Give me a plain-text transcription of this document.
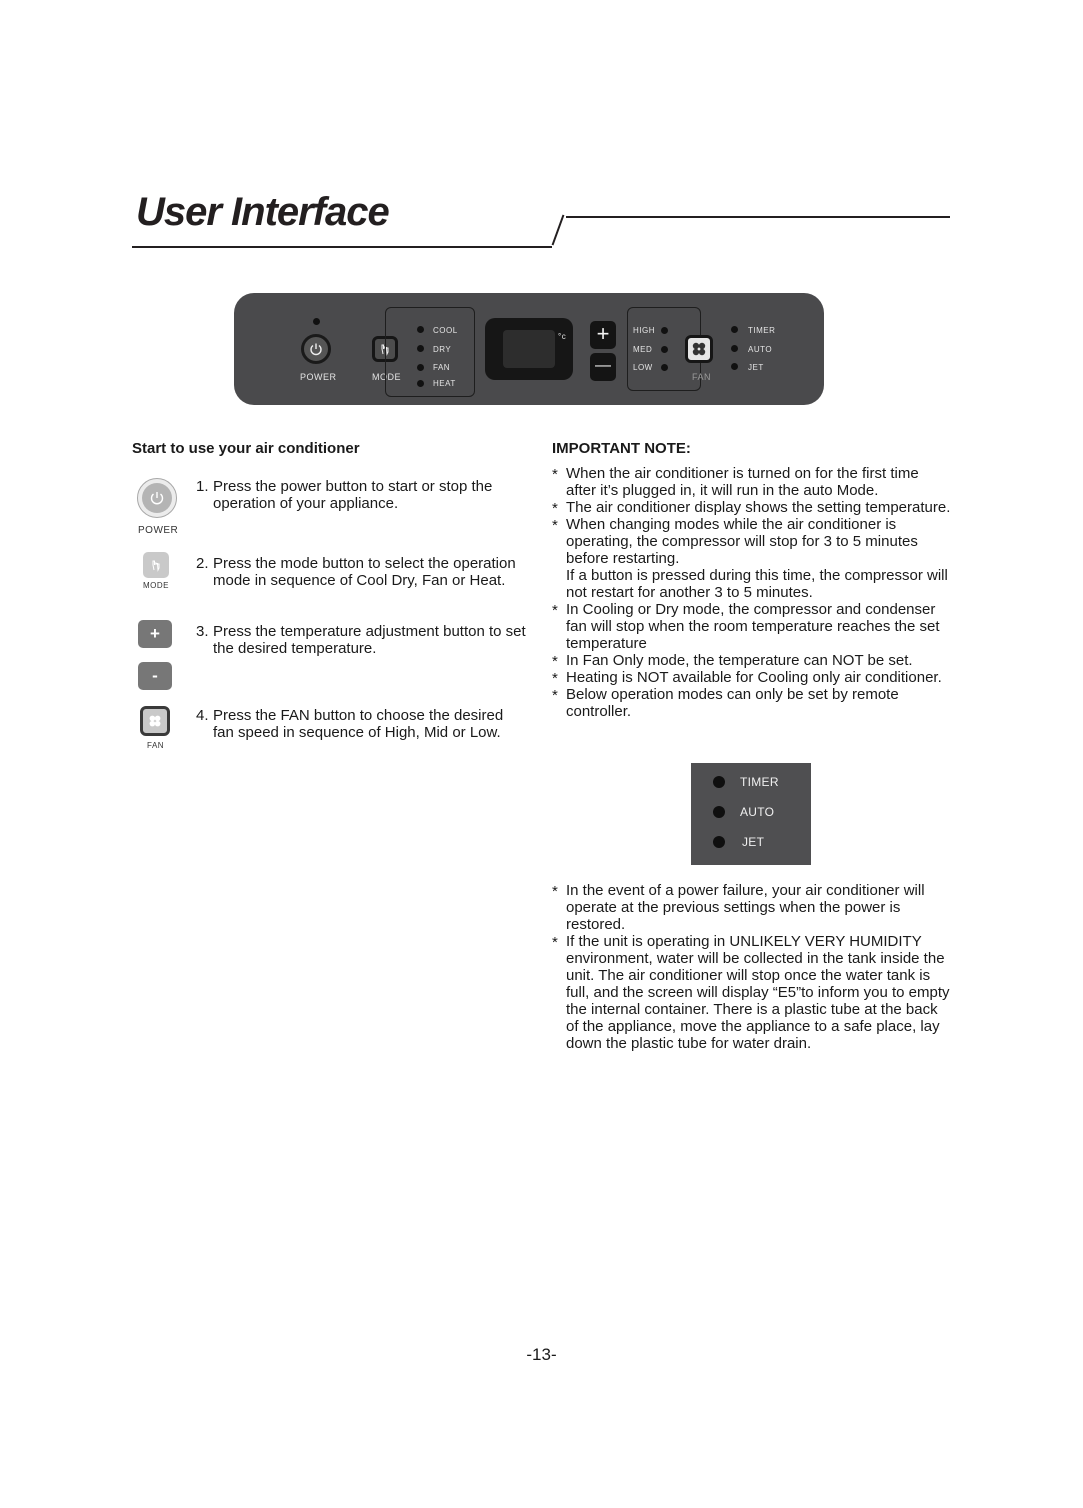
User Interface
POWER	MODE
COOL
DRY
FAN
HEAT
°c +
—
HIGH
MED
LOW
FAN
TIMER
AUTO
JET
Start to use your air conditioner
POWER
1. Press the power button to start or stop the operation of your appliance.
MODE
2. Press the mode button to select the operation mode in sequence of Cool Dry, Fan or Heat.
+
-
3. Press the temperature adjustment button to set the desired temperature.
FAN
4. Press the FAN button to choose the desired fan speed in sequence of High, Mid or Low.
IMPORTANT NOTE:

* When the air conditioner is turned on for the first time after it’s plugged in, it will run in the auto Mode.

* The air conditioner display shows the setting temperature.

* When changing modes while the air conditioner is operating, the compressor will stop for 3 to 5 minutes before restarting.

If a button is pressed during this time, the compressor will not restart for another 3 to 5 minutes.

* In Cooling or Dry mode, the compressor and condenser fan will stop when the room temperature reaches the set temperature

* In Fan Only mode, the temperature can NOT be set.

* Heating is NOT available for Cooling only air conditioner.

* Below operation modes can only be set by remote controller.

TIMER
AUTO
JET

* In the event of a power failure, your air conditioner will operate at the previous settings when the power is restored.

* If the unit is operating in UNLIKELY VERY HUMIDITY environment, water will be collected in the tank inside the unit. The air conditioner will stop once the water tank is full, and the screen will display “E5”to inform you to empty the internal container. There is a plastic tube at the back of the appliance, move the appliance to a safe place, lay down the plastic tube for water drain.

-13-
